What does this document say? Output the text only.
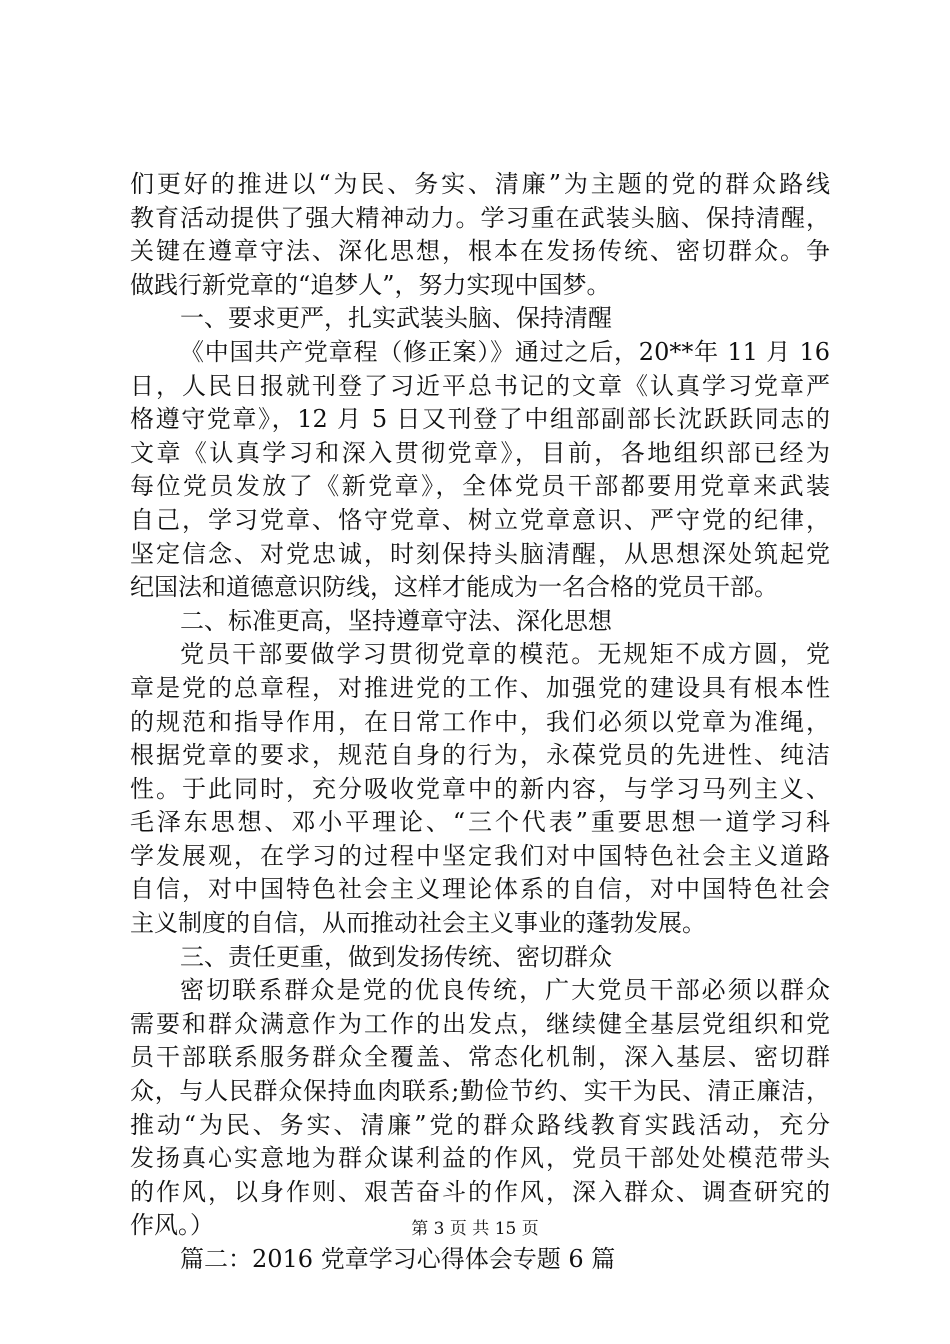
们更好的推进以“为民、务实、清廉”为主题的党的群众路线
教育活动提供了强大精神动力。学习重在武装头脑、保持清醒，
关键在遵章守法、深化思想，根本在发扬传统、密切群众。争
做践行新党章的“追梦人”，努力实现中国梦。
一、要求更严，扎实武装头脑、保持清醒
《中国共产党章程（修正案）》通过之后，20**年 11 月 16
日，人民日报就刊登了习近平总书记的文章《认真学习党章严
格遵守党章》，12 月 5 日又刊登了中组部副部长沈跃跃同志的
文章《认真学习和深入贯彻党章》，目前，各地组织部已经为
每位党员发放了《新党章》，全体党员干部都要用党章来武装
自己，学习党章、恪守党章、树立党章意识、严守党的纪律，
坚定信念、对党忠诚，时刻保持头脑清醒，从思想深处筑起党
纪国法和道德意识防线，这样才能成为一名合格的党员干部。
二、标准更高，坚持遵章守法、深化思想
党员干部要做学习贯彻党章的模范。无规矩不成方圆，党
章是党的总章程，对推进党的工作、加强党的建设具有根本性
的规范和指导作用，在日常工作中，我们必须以党章为准绳，
根据党章的要求，规范自身的行为，永葆党员的先进性、纯洁
性。于此同时，充分吸收党章中的新内容，与学习马列主义、
毛泽东思想、邓小平理论、“三个代表”重要思想一道学习科
学发展观，在学习的过程中坚定我们对中国特色社会主义道路
自信，对中国特色社会主义理论体系的自信，对中国特色社会
主义制度的自信，从而推动社会主义事业的蓬勃发展。
三、责任更重，做到发扬传统、密切群众
密切联系群众是党的优良传统，广大党员干部必须以群众
需要和群众满意作为工作的出发点，继续健全基层党组织和党
员干部联系服务群众全覆盖、常态化机制，深入基层、密切群
众，与人民群众保持血肉联系;勤俭节约、实干为民、清正廉洁，
推动“为民、务实、清廉”党的群众路线教育实践活动，充分
发扬真心实意地为群众谋利益的作风，党员干部处处模范带头
的作风，以身作则、艰苦奋斗的作风，深入群众、调查研究的
作风。）
篇二：2016 党章学习心得体会专题 6 篇
第 3 页 共 15 页
